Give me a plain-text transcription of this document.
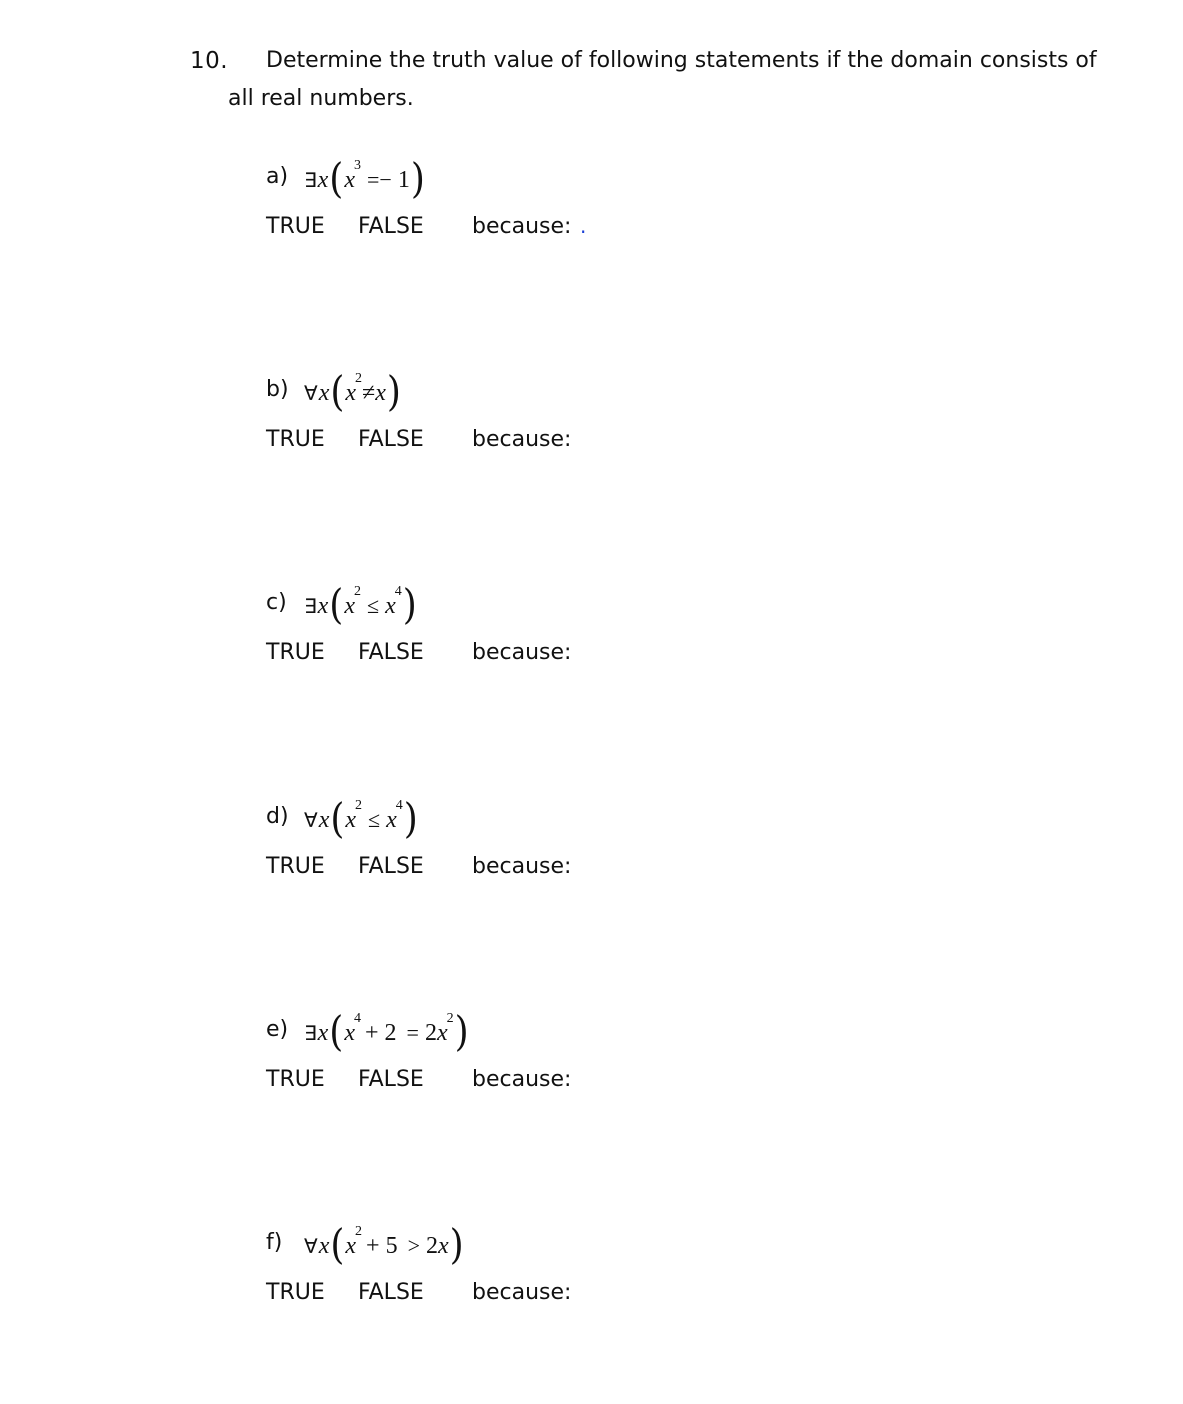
10. Determine the truth value of following statements if the domain consists of
all real numbers.
a) ∃ x ( x
3
=− 1 )
TRUE FALSE because: .
b) ∀ x ( x
2
≠ x )
TRUE FALSE because:
c) ∃ x ( x
2
≤ x
4 )
TRUE FALSE because:
d) ∀ x ( x
2
≤ x
4 )
TRUE FALSE because:
e) ∃ x ( x
4
+ 2 = 2 x
2 )
TRUE FALSE because:
f) ∀ x ( x
2
+ 5 > 2 x )
TRUE FALSE because:
